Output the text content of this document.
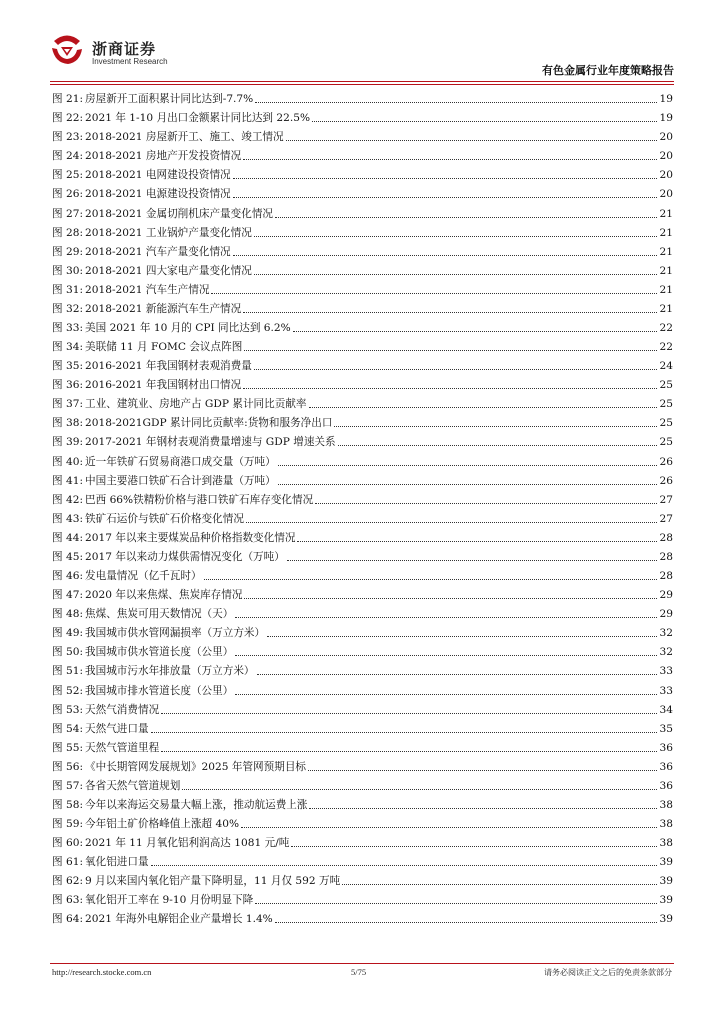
浙商证券
Investment Research
有色金属行业年度策略报告
图 21: 房屋新开工面积累计同比达到-7.7%	19
图 22: 2021 年 1-10 月出口金额累计同比达到 22.5%	19
图 23: 2018-2021 房屋新开工、施工、竣工情况	20
图 24: 2018-2021 房地产开发投资情况	20
图 25: 2018-2021 电网建设投资情况	20
图 26: 2018-2021 电源建设投资情况	20
图 27: 2018-2021 金属切削机床产量变化情况	21
图 28: 2018-2021 工业锅炉产量变化情况	21
图 29: 2018-2021 汽车产量变化情况	21
图 30: 2018-2021 四大家电产量变化情况	21
图 31: 2018-2021 汽车生产情况	21
图 32: 2018-2021 新能源汽车生产情况	21
图 33: 美国 2021 年 10 月的 CPI 同比达到 6.2%	22
图 34: 美联储 11 月 FOMC 会议点阵图	22
图 35: 2016-2021 年我国钢材表观消费量	24
图 36: 2016-2021 年我国钢材出口情况	25
图 37: 工业、建筑业、房地产占 GDP 累计同比贡献率	25
图 38: 2018-2021GDP 累计同比贡献率:货物和服务净出口	25
图 39: 2017-2021 年钢材表观消费量增速与 GDP 增速关系	25
图 40: 近一年铁矿石贸易商港口成交量（万吨）	26
图 41: 中国主要港口铁矿石合计到港量（万吨）	26
图 42: 巴西 66%铁精粉价格与港口铁矿石库存变化情况	27
图 43: 铁矿石运价与铁矿石价格变化情况	27
图 44: 2017 年以来主要煤炭品种价格指数变化情况	28
图 45: 2017 年以来动力煤供需情况变化（万吨）	28
图 46: 发电量情况（亿千瓦时）	28
图 47: 2020 年以来焦煤、焦炭库存情况	29
图 48: 焦煤、焦炭可用天数情况（天）	29
图 49: 我国城市供水管网漏损率（万立方米）	32
图 50: 我国城市供水管道长度（公里）	32
图 51: 我国城市污水年排放量（万立方米）	33
图 52: 我国城市排水管道长度（公里）	33
图 53: 天然气消费情况	34
图 54: 天然气进口量	35
图 55: 天然气管道里程	36
图 56: 《中长期管网发展规划》2025 年管网预期目标	36
图 57: 各省天然气管道规划	36
图 58: 今年以来海运交易量大幅上涨，推动航运费上涨	38
图 59: 今年铝土矿价格峰值上涨超 40%	38
图 60: 2021 年 11 月氧化铝利润高达 1081 元/吨	38
图 61: 氧化铝进口量	39
图 62: 9 月以来国内氧化铝产量下降明显，11 月仅 592 万吨	39
图 63: 氧化铝开工率在 9-10 月份明显下降	39
图 64: 2021 年海外电解铝企业产量增长 1.4%	39
http://research.stocke.com.cn	5/75	请务必阅读正文之后的免责条款部分
